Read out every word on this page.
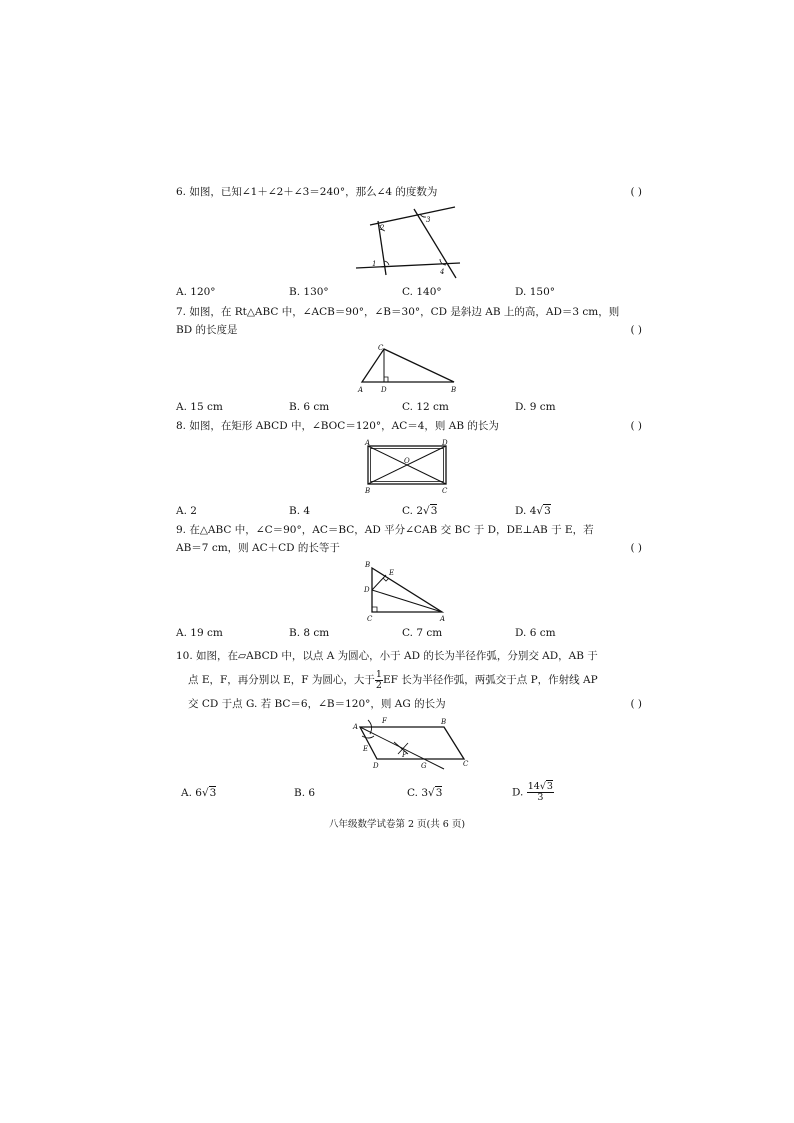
6. 如图，已知∠1＋∠2＋∠3＝240°，那么∠4 的度数为	( )
1
2
3
4
A. 120°	B. 130°	C. 140°	D. 150°
7. 如图，在 Rt△ABC 中，∠ACB＝90°，∠B＝30°，CD 是斜边 AB 上的高，AD＝3 cm，则
BD 的长度是	( )
C
A	D	B
A. 15 cm	B. 6 cm	C. 12 cm	D. 9 cm
8. 如图，在矩形 ABCD 中，∠BOC＝120°，AC＝4，则 AB 的长为	( )
A	D
O
B	C
A. 2	B. 4	C. 2√3	D. 4√3
9. 在△ABC 中，∠C＝90°，AC＝BC，AD 平分∠CAB 交 BC 于 D，DE⊥AB 于 E，若
AB＝7 cm，则 AC＋CD 的长等于	( )
B
E
D
C	A
A. 19 cm	B. 8 cm	C. 7 cm	D. 6 cm
10. 如图，在▱ABCD 中，以点 A 为圆心，小于 AD 的长为半径作弧，分别交 AD，AB 于
点 E，F，再分别以 E，F 为圆心，大于 $\frac{1}{2}$ EF 长为半径作弧，两弧交于点 P，作射线 AP
交 CD 于点 G. 若 BC＝6，∠B＝120°，则 AG 的长为	( )
A
F	B
E
P
D	G	C
A. 6√3	B. 6	C. 3√3	D. $\frac{14√3}{3}$
八年级数学试卷第 2 页(共 6 页)
